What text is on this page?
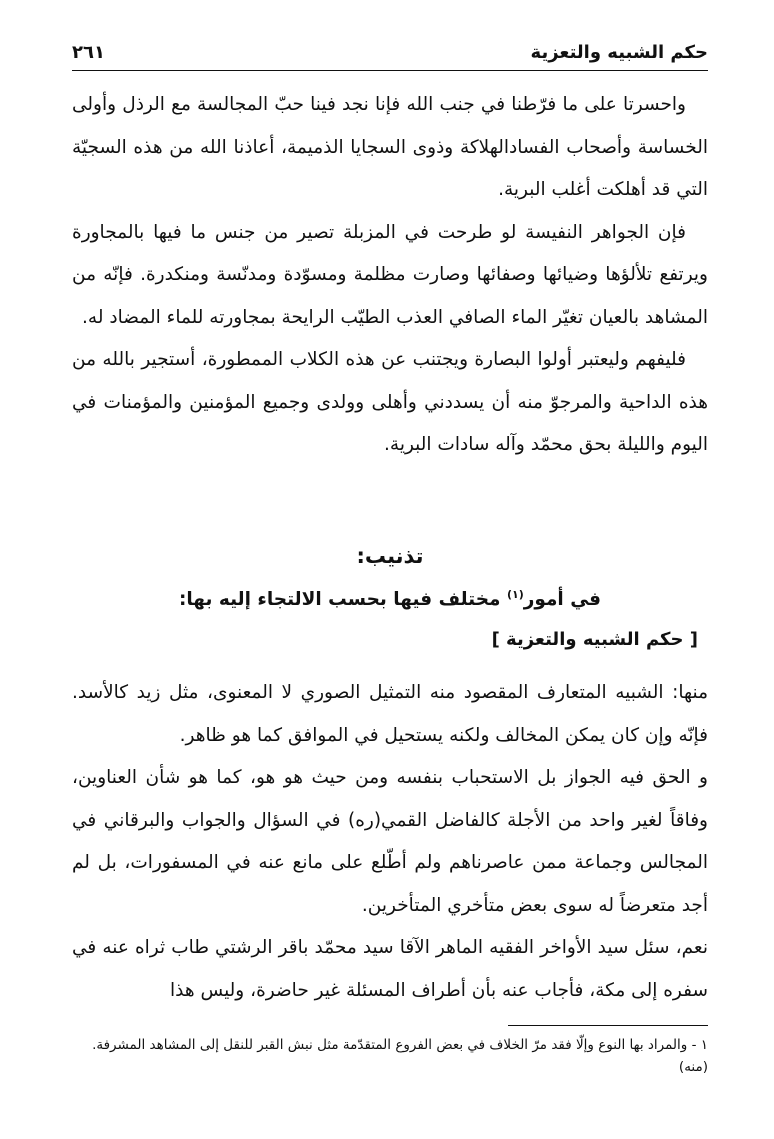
حكم الشبيه والتعزية
٢٦١

واحسرتا على ما فرّطنا في جنب الله فإنا نجد فينا حبّ المجالسة مع الرذل وأولى الخساسة وأصحاب الفسادالهلاكة وذوى السجايا الذميمة، أعاذنا الله من هذه السجيّة التي قد أهلكت أغلب البرية.

فإن الجواهر النفيسة لو طرحت في المزبلة تصير من جنس ما فيها بالمجاورة ويرتفع تلألؤها وضيائها وصفائها وصارت مظلمة ومسوّدة ومدنّسة ومنكدرة. فإنّه من المشاهد بالعيان تغيّر الماء الصافي العذب الطيّب الرايحة بمجاورته للماء المضاد له.

فليفهم وليعتبر أولوا البصارة ويجتنب عن هذه الكلاب الممطورة، أستجير بالله من هذه الداحية والمرجوّ منه أن يسددني وأهلى وولدى وجميع المؤمنين والمؤمنات في اليوم والليلة بحق محمّد وآله سادات البرية.

تذنيب:
في أمور$^{(١)}$ مختلف فيها بحسب الالتجاء إليه بها:
[ حكم الشبيه والتعزية ]

منها: الشبيه المتعارف المقصود منه التمثيل الصوري لا المعنوى، مثل زيد كالأسد. فإنّه وإن كان يمكن المخالف ولكنه يستحيل في الموافق كما هو ظاهر.

و الحق فيه الجواز بل الاستحباب بنفسه ومن حيث هو هو، كما هو شأن العناوين، وفاقاً لغير واحد من الأجلة كالفاضل القمي(ره) في السؤال والجواب والبرقاني في المجالس وجماعة ممن عاصرناهم ولم أطّلع على مانع عنه في المسفورات، بل لم أجد متعرضاً له سوى بعض متأخري المتأخرين.

نعم، سئل سيد الأواخر الفقيه الماهر الآقا سيد محمّد باقر الرشتي طاب ثراه عنه في سفره إلى مكة، فأجاب عنه بأن أطراف المسئلة غير حاضرة، وليس هذا

١ - والمراد بها النوع وإلّا فقد مرّ الخلاف في بعض الفروع المتقدّمة مثل نبش القبر للنقل إلى المشاهد المشرفة.(منه)
